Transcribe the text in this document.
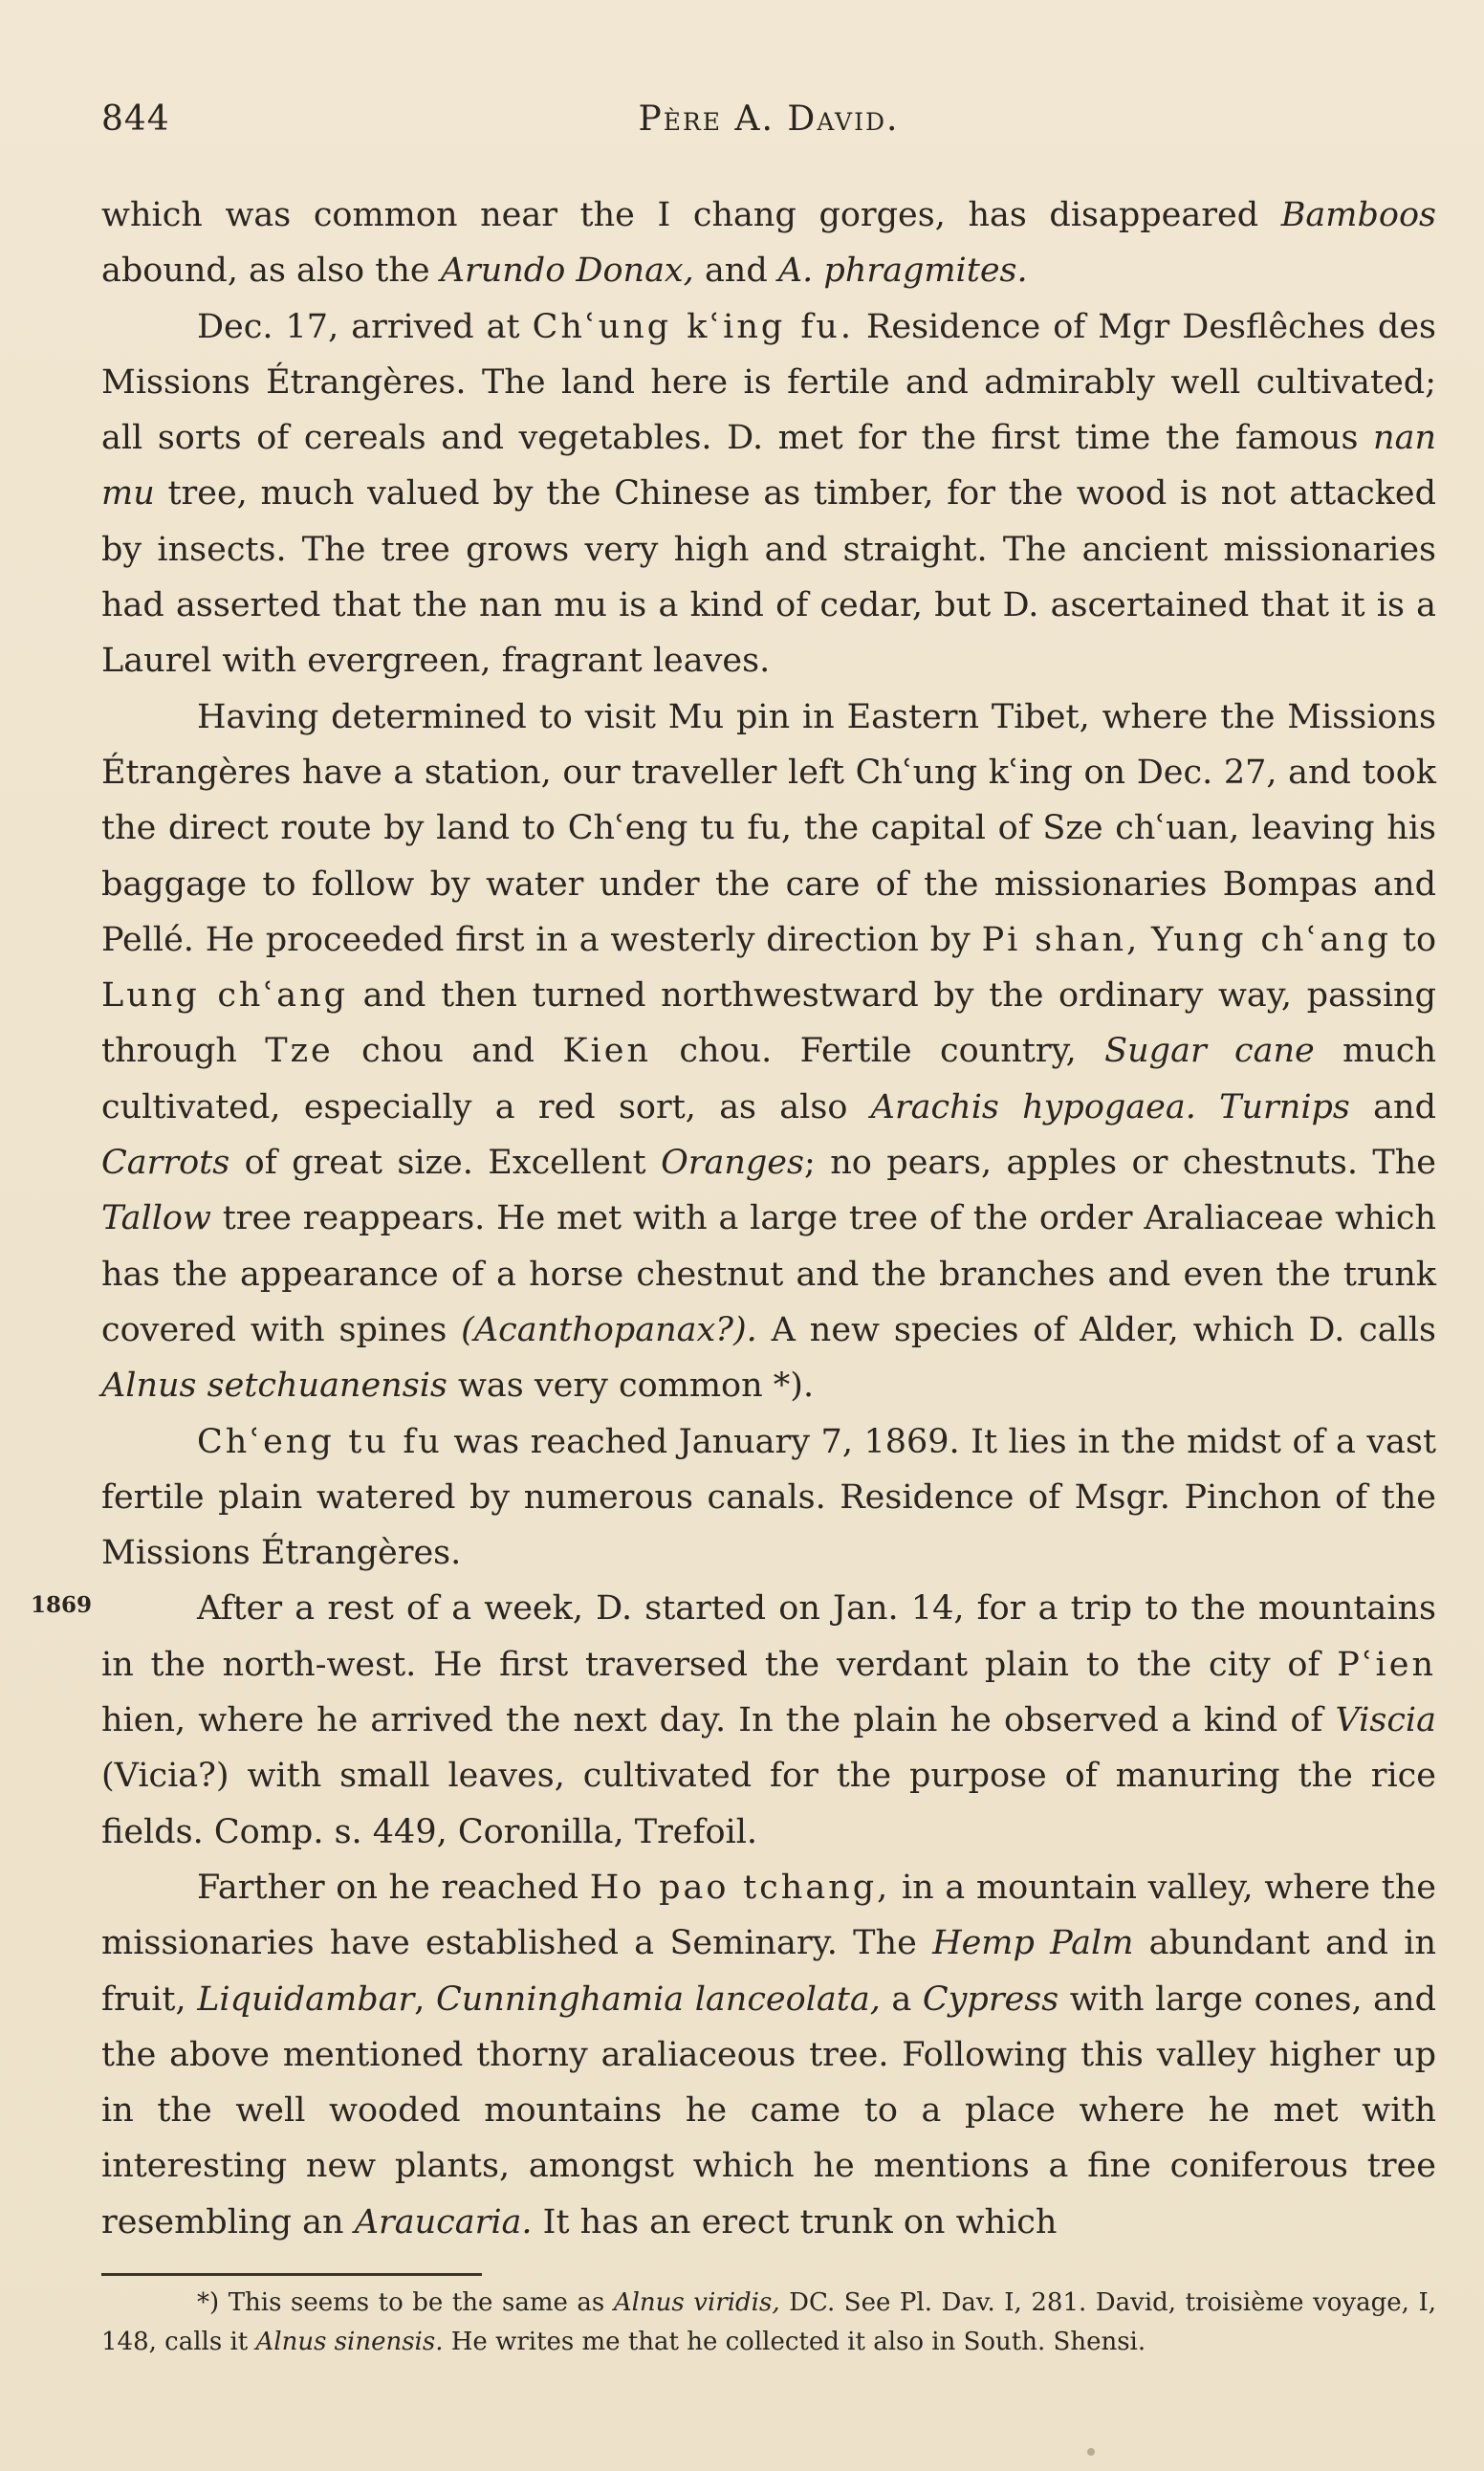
844	Père A. David.
1869

which was common near the I chang gorges, has disappeared Bamboos abound, as also the Arundo Donax, and A. phragmites.

Dec. 17, arrived at Chʿung kʿing fu. Residence of Mgr Desflêches des Missions Étrangères. The land here is fertile and admirably well cultivated; all sorts of cereals and vegetables. D. met for the first time the famous nan mu tree, much valued by the Chinese as timber, for the wood is not attacked by insects. The tree grows very high and straight. The ancient missionaries had asserted that the nan mu is a kind of cedar, but D. ascertained that it is a Laurel with evergreen, fragrant leaves.

Having determined to visit Mu pin in Eastern Tibet, where the Missions Étrangères have a station, our traveller left Chʿung kʿing on Dec. 27, and took the direct route by land to Chʿeng tu fu, the capital of Sze chʿuan, leaving his baggage to follow by water under the care of the missionaries Bompas and Pellé. He proceeded first in a westerly direction by Pi shan, Yung chʿang to Lung chʿang and then turned northwestward by the ordinary way, passing through Tze chou and Kien chou. Fertile country, Sugar cane much cultivated, especially a red sort, as also Arachis hypogaea. Turnips and Carrots of great size. Excellent Oranges; no pears, apples or chestnuts. The Tallow tree reappears. He met with a large tree of the order Araliaceae which has the appearance of a horse chestnut and the branches and even the trunk covered with spines (Acanthopanax?). A new species of Alder, which D. calls Alnus setchuanensis was very common *).

Chʿeng tu fu was reached January 7, 1869. It lies in the midst of a vast fertile plain watered by numerous canals. Residence of Msgr. Pinchon of the Missions Étrangères.

After a rest of a week, D. started on Jan. 14, for a trip to the mountains in the north-west. He first traversed the verdant plain to the city of Pʿien hien, where he arrived the next day. In the plain he observed a kind of Viscia (Vicia?) with small leaves, cultivated for the purpose of manuring the rice fields. Comp. s. 449, Coronilla, Trefoil.

Farther on he reached Ho pao tchang, in a mountain valley, where the missionaries have established a Seminary. The Hemp Palm abundant and in fruit, Liquidambar, Cunninghamia lanceolata, a Cypress with large cones, and the above mentioned thorny araliaceous tree. Following this valley higher up in the well wooded mountains he came to a place where he met with interesting new plants, amongst which he mentions a fine coniferous tree resembling an Araucaria. It has an erect trunk on which

*) This seems to be the same as Alnus viridis, DC. See Pl. Dav. I, 281. David, troisième voyage, I, 148, calls it Alnus sinensis. He writes me that he collected it also in South. Shensi.
